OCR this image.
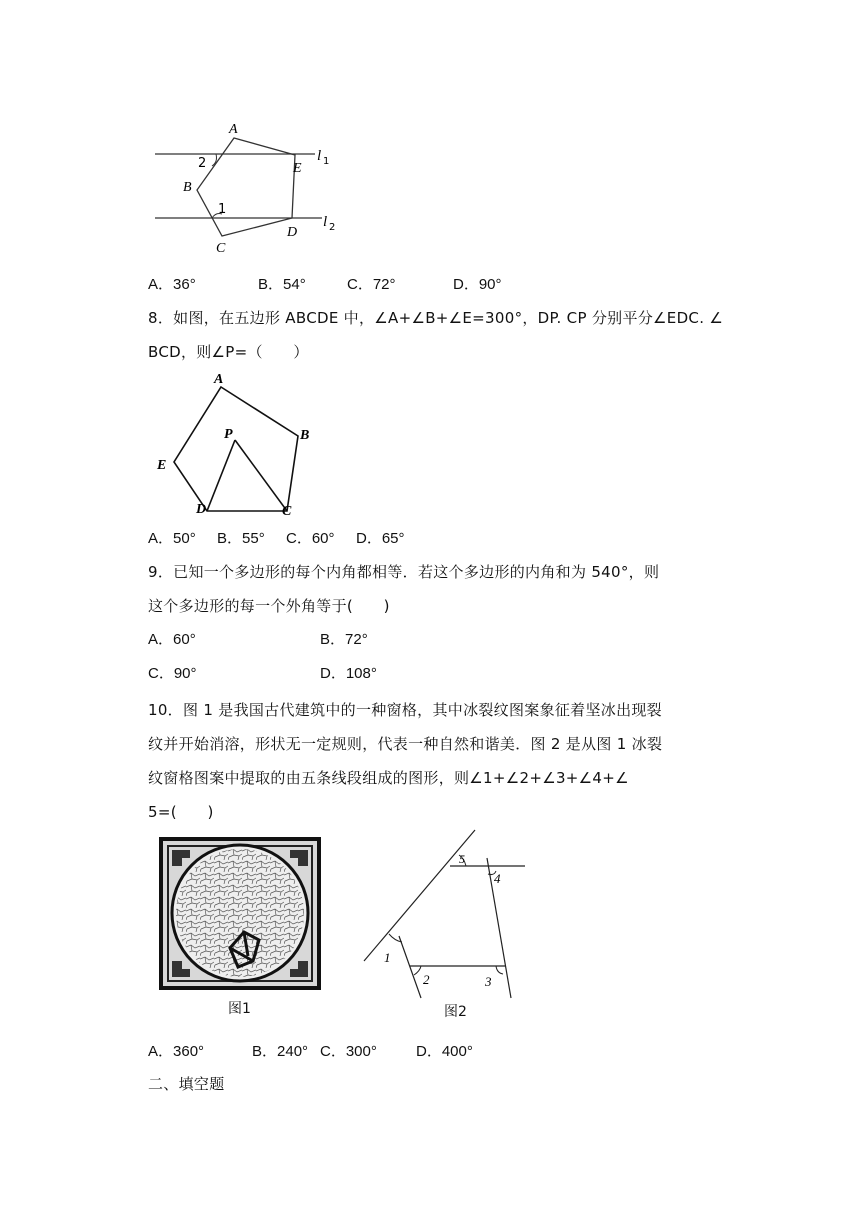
A
B
C
D
E
l 1
l 2
2
1
A．36°	B．54°	C．72°	D．90°
8．如图，在五边形 ABCDE 中，∠A+∠B+∠E=300°，DP. CP 分别平分∠EDC. ∠
BCD，则∠P=（　　）
A
B
C
D
E
P
A．50° B．55° C．60° D．65°
9．已知一个多边形的每个内角都相等．若这个多边形的内角和为 540°，则
这个多边形的每一个外角等于(　　)
A．60°	B．72°
C．90°	D．108°
10．图 1 是我国古代建筑中的一种窗格，其中冰裂纹图案象征着坚冰出现裂
纹并开始消溶，形状无一定规则，代表一种自然和谐美．图 2 是从图 1 冰裂
纹窗格图案中提取的由五条线段组成的图形，则∠1+∠2+∠3+∠4+∠
5=(　　)
图1
1
2	3
4
5
图2
A．360°	B．240° C．300°	D．400°
二、填空题
